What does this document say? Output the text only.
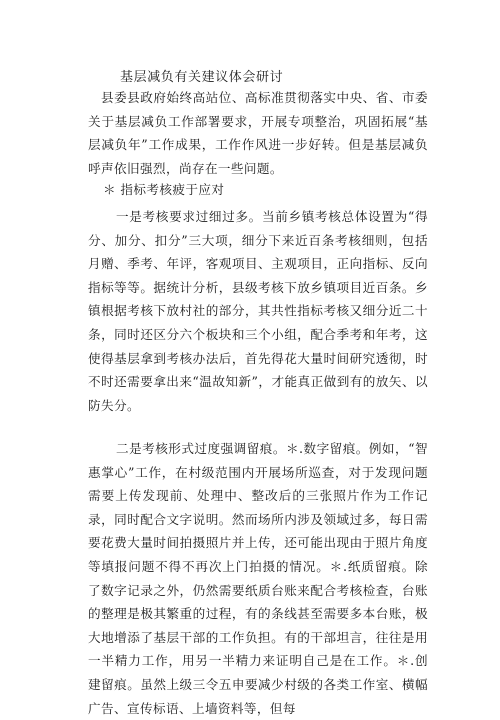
基层减负有关建议体会研讨

县委县政府始终高站位、高标准贯彻落实中央、省、市委关于基层减负工作部署要求，开展专项整治，巩固拓展“基层减负年”工作成果，工作作风进一步好转。但是基层减负呼声依旧强烈，尚存在一些问题。

＊ 指标考核疲于应对

一是考核要求过细过多。当前乡镇考核总体设置为“得分、加分、扣分”三大项，细分下来近百条考核细则，包括月赠、季考、年评，客观项目、主观项目，正向指标、反向指标等等。据统计分析，县级考核下放乡镇项目近百条。乡镇根据考核下放村社的部分，其共性指标考核又细分近二十条，同时还区分六个板块和三个小组，配合季考和年考，这使得基层拿到考核办法后，首先得花大量时间研究透彻，时不时还需要拿出来“温故知新”，才能真正做到有的放矢、以防失分。

二是考核形式过度强调留痕。＊.数字留痕。例如，“智惠掌心”工作，在村级范围内开展场所巡查，对于发现问题需要上传发现前、处理中、整改后的三张照片作为工作记录，同时配合文字说明。然而场所内涉及领域过多，每日需要花费大量时间拍摄照片并上传，还可能出现由于照片角度等填报问题不得不再次上门拍摄的情况。＊.纸质留痕。除了数字记录之外，仍然需要纸质台账来配合考核检查，台账的整理是极其繁重的过程，有的条线甚至需要多本台账，极大地增添了基层干部的工作负担。有的干部坦言，往往是用一半精力工作，用另一半精力来证明自己是在工作。＊.创建留痕。虽然上级三令五申要减少村级的各类工作室、横幅广告、宣传标语、上墙资料等，但每
